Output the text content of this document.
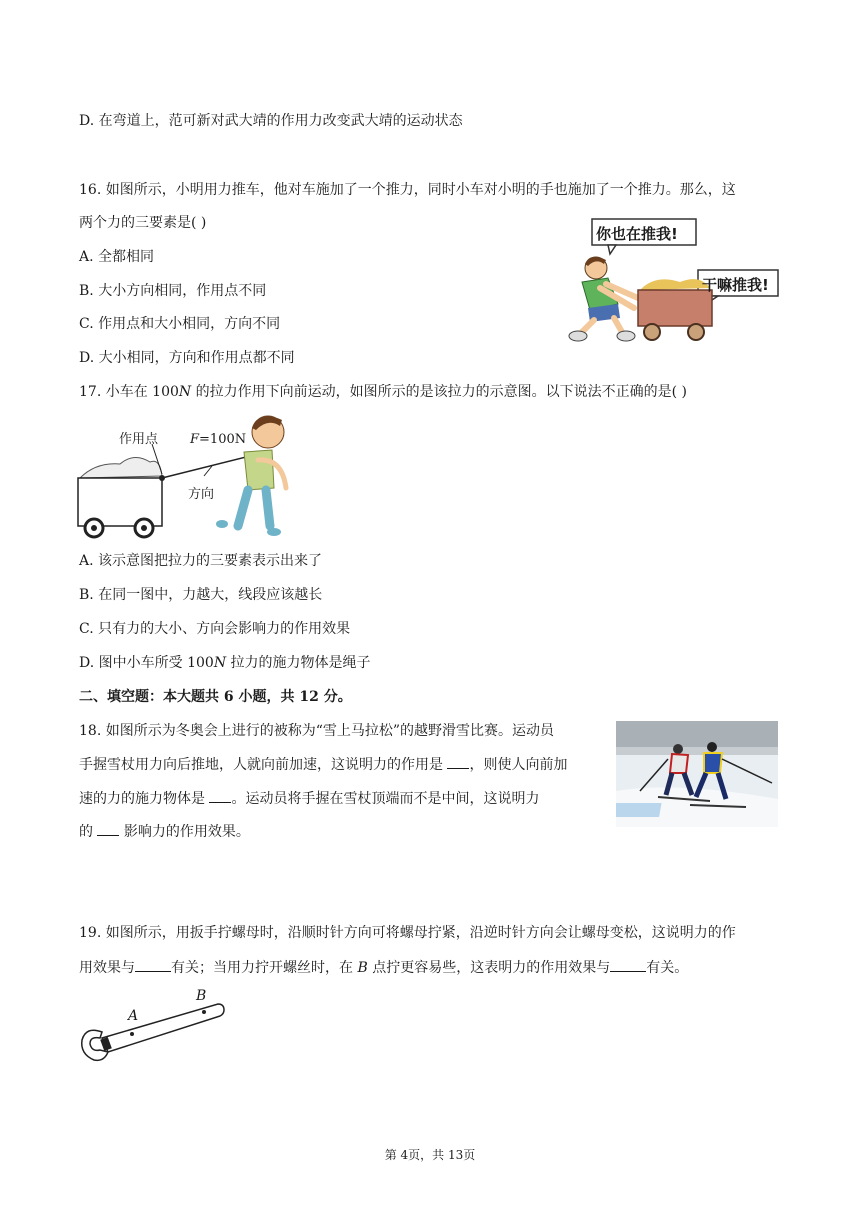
D. 在弯道上，范可新对武大靖的作用力改变武大靖的运动状态
16. 如图所示，小明用力推车，他对车施加了一个推力，同时小车对小明的手也施加了一个推力。那么，这
两个力的三要素是( )
A. 全都相同
B. 大小方向相同，作用点不同
C. 作用点和大小相同，方向不同
D. 大小相同，方向和作用点都不同
你也在推我!
干嘛推我!
17. 小车在 100N 的拉力作用下向前运动，如图所示的是该拉力的示意图。以下说法不正确的是( )
作用点 F=100N
方向
A. 该示意图把拉力的三要素表示出来了
B. 在同一图中，力越大，线段应该越长
C. 只有力的大小、方向会影响力的作用效果
D. 图中小车所受 100N 拉力的施力物体是绳子
二、填空题：本大题共 6 小题，共 12 分。
18. 如图所示为冬奥会上进行的被称为“雪上马拉松”的越野滑雪比赛。运动员
手握雪杖用力向后推地，人就向前加速，这说明力的作用是 ，则使人向前加
速的力的施力物体是 。运动员将手握在雪杖顶端而不是中间，这说明力
的  影响力的作用效果。
19. 如图所示，用扳手拧螺母时，沿顺时针方向可将螺母拧紧，沿逆时针方向会让螺母变松，这说明力的作
用效果与	有关；当用力拧开螺丝时，在 B 点拧更容易些，这表明力的作用效果与	有关。
A
B
第 4页，共 13页
